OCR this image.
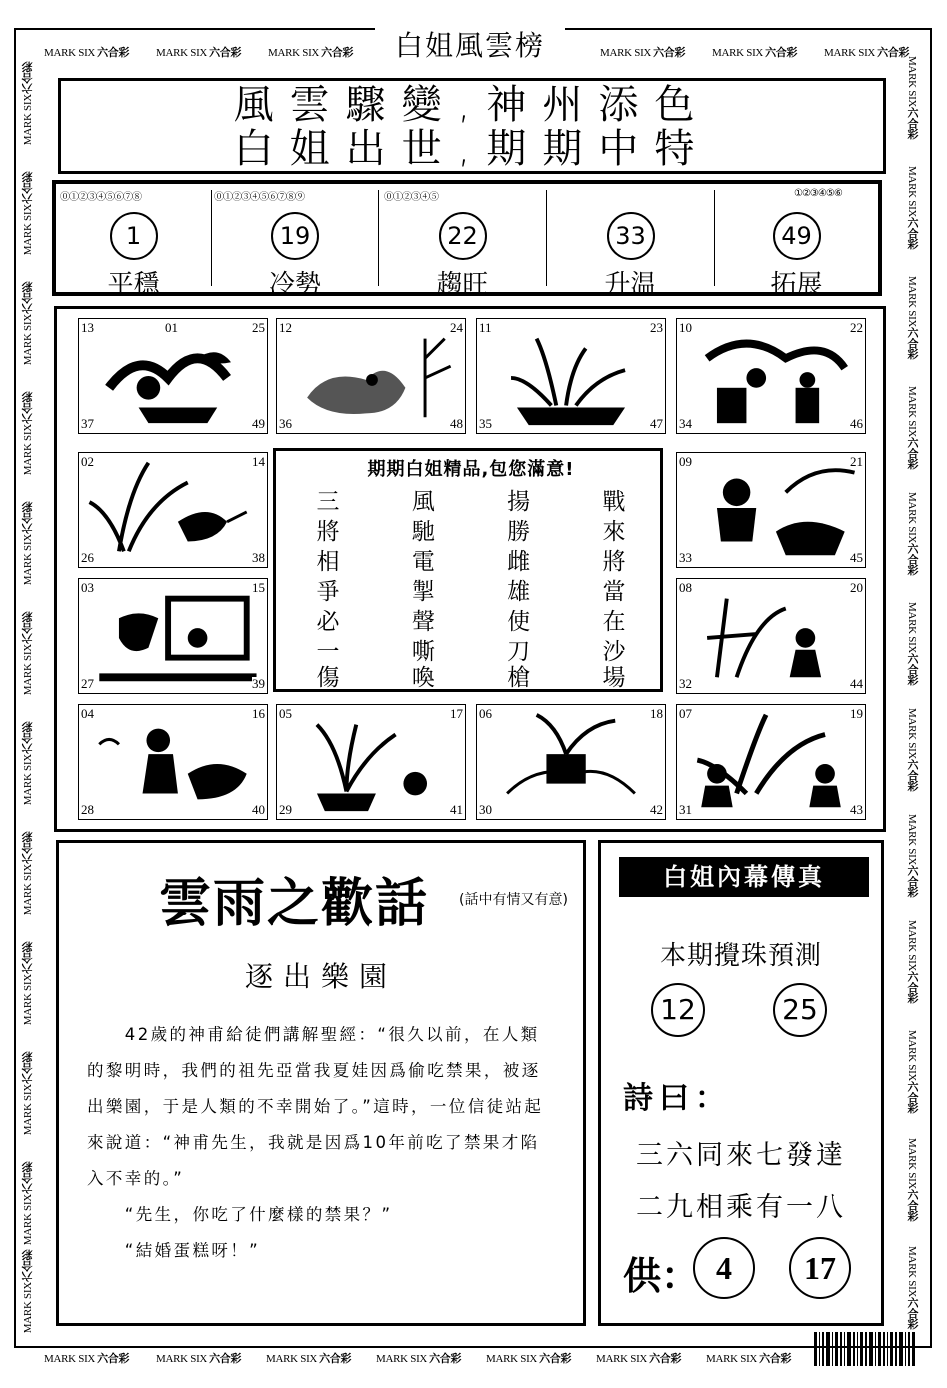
MARK SIX 六合彩 MARK SIX 六合彩 MARK SIX 六合彩	MARK SIX 六合彩 MARK SIX 六合彩 MARK SIX 六合彩
MARK SIX 六合彩 MARK SIX 六合彩 MARK SIX 六合彩 MARK SIX 六合彩 MARK SIX 六合彩 MARK SIX 六合彩 MARK SIX 六合彩
MARK SIX六合彩
MARK SIX六合彩
MARK SIX六合彩
MARK SIX六合彩
MARK SIX六合彩
MARK SIX六合彩
MARK SIX六合彩
MARK SIX六合彩
MARK SIX六合彩
MARK SIX六合彩
MARK SIX六合彩
MARK SIX六合彩
MARK SIX六合彩
MARK SIX六合彩
MARK SIX六合彩
MARK SIX六合彩
MARK SIX六合彩
MARK SIX六合彩
MARK SIX六合彩
MARK SIX六合彩
MARK SIX六合彩
MARK SIX六合彩
MARK SIX六合彩
MARK SIX六合彩
白姐風雲榜
風雲驟變,神州添色
白姐出世,期期中特
⓪①②③④⑤⑥⑦⑧	⓪①②③④⑤⑥⑦⑧⑨	⓪①②③④⑤	①②③④⑤⑥
1
平穩
19
冷勢
22
趨旺
33
升温
49
拓展
13	01	25
37	49
12	24
36	48
11	23
35	47
10	22
34	46
02	14
26	38
09	21
33	45
03	15
27	39
08	20
32	44
04	16
28	40
05	17
29	41
06	18
30	42
07	19
31	43
期期白姐精品,包您滿意!
三	風	揚	戰
將	馳	勝	來
相	電	雌	將
爭	掣	雄	當
必	聲	使	在
一	嘶	刀	沙
傷	喚	槍	場
雲雨之歡話 (話中有情又有意)
逐出樂園

　　42歲的神甫給徒們講解聖經：“很久以前，在人類的黎明時，我們的祖先亞當我夏娃因爲偷吃禁果，被逐出樂園，于是人類的不幸開始了。”這時，一位信徒站起來說道：“神甫先生，我就是因爲10年前吃了禁果才陷入不幸的。”

　　“先生，你吃了什麼樣的禁果？”

　　“結婚蛋糕呀！”

白姐內幕傳真
本期攪珠預測
12	25
詩曰：
三六同來七發達
二九相乘有一八
供： 4	17
